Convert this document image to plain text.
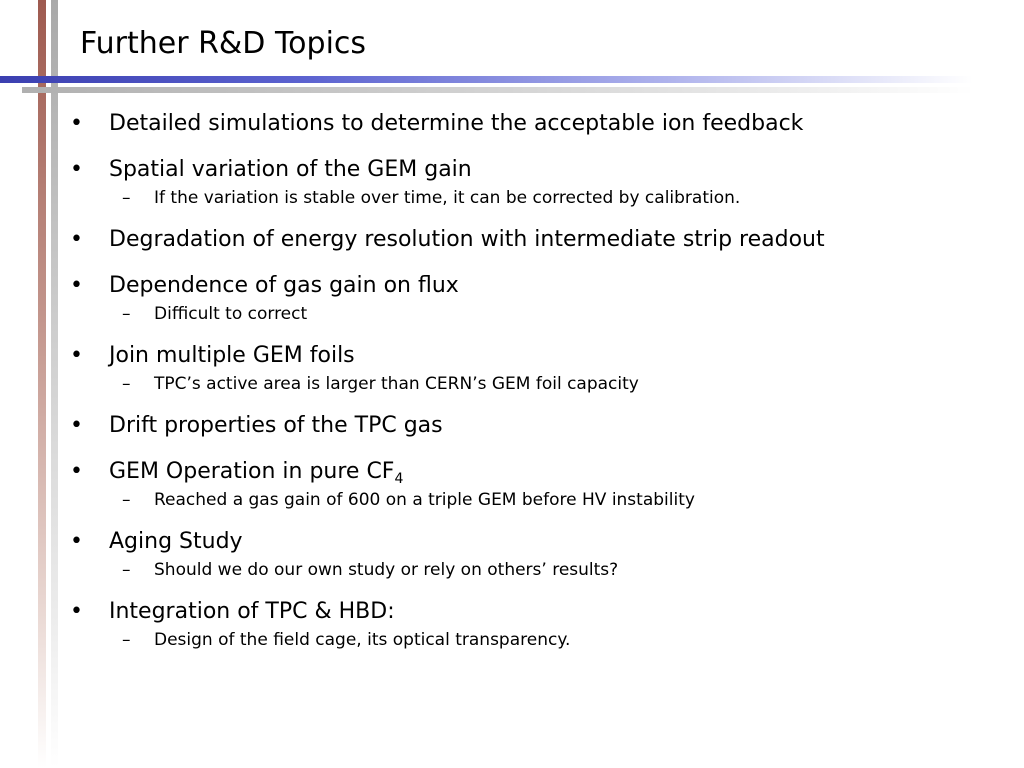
Further R&D Topics
•	Detailed simulations to determine the acceptable ion feedback
•	Spatial variation of the GEM gain
– If the variation is stable over time, it can be corrected by calibration.
•	Degradation of energy resolution with intermediate strip readout
•	Dependence of gas gain on flux
– Difficult to correct
•	Join multiple GEM foils
– TPC’s active area is larger than CERN’s GEM foil capacity
•	Drift properties of the TPC gas
•	GEM Operation in pure $CF_4$
– Reached a gas gain of 600 on a triple GEM before HV instability
•	Aging Study
– Should we do our own study or rely on others’ results?
•	Integration of TPC & HBD:
– Design of the field cage, its optical transparency.
